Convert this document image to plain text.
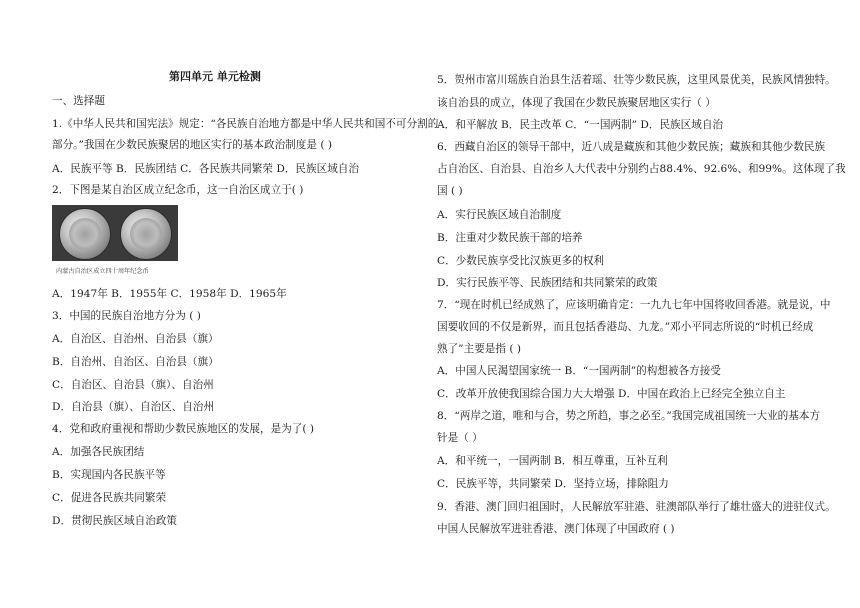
第四单元 单元检测
一、选择题
1.《中华人民共和国宪法》规定：“各民族自治地方都是中华人民共和国不可分割的
部分。”我国在少数民族聚居的地区实行的基本政治制度是 ( )
A．民族平等 B．民族团结 C．各民族共同繁荣 D．民族区域自治
2．下图是某自治区成立纪念币，这一自治区成立于( )
内蒙古自治区成立四十周年纪念币
A．1947年 B．1955年 C．1958年 D．1965年
3．中国的民族自治地方分为 ( )
A．自治区、自治州、自治县（旗）
B．自治州、自治区、自治县（旗）
C．自治区、自治县（旗）、自治州
D．自治县（旗）、自治区、自治州
4．党和政府重视和帮助少数民族地区的发展，是为了( )
A．加强各民族团结
B．实现国内各民族平等
C．促进各民族共同繁荣
D．贯彻民族区域自治政策
5．贺州市富川瑶族自治县生活着瑶、壮等少数民族，这里风景优美，民族风情独特。
该自治县的成立，体现了我国在少数民族聚居地区实行（ ）
A．和平解放 B．民主改革 C．“一国两制” D．民族区域自治
6．西藏自治区的领导干部中，近八成是藏族和其他少数民族；藏族和其他少数民族
占自治区、自治县、自治乡人大代表中分别约占88.4%、92.6%、和99%。这体现了我
国 ( )
A．实行民族区域自治制度
B．注重对少数民族干部的培养
C．少数民族享受比汉族更多的权利
D．实行民族平等、民族团结和共同繁荣的政策
7．“现在时机已经成熟了，应该明确肯定：一九九七年中国将收回香港。就是说，中
国要收回的不仅是新界，而且包括香港岛、九龙。”邓小平同志所说的“时机已经成
熟了”主要是指 ( )
A．中国人民渴望国家统一 B．“一国两制”的构想被各方接受
C．改革开放使我国综合国力大大增强 D．中国在政治上已经完全独立自主
8．“两岸之道，唯和与合，势之所趋，事之必至。”我国完成祖国统一大业的基本方
针是（ ）
A．和平统一，一国两制 B．相互尊重，互补互利
C．民族平等，共同繁荣 D．坚持立场，排除阻力
9．香港、澳门回归祖国时，人民解放军驻港、驻澳部队举行了雄壮盛大的进驻仪式。
中国人民解放军进驻香港、澳门体现了中国政府 ( )
